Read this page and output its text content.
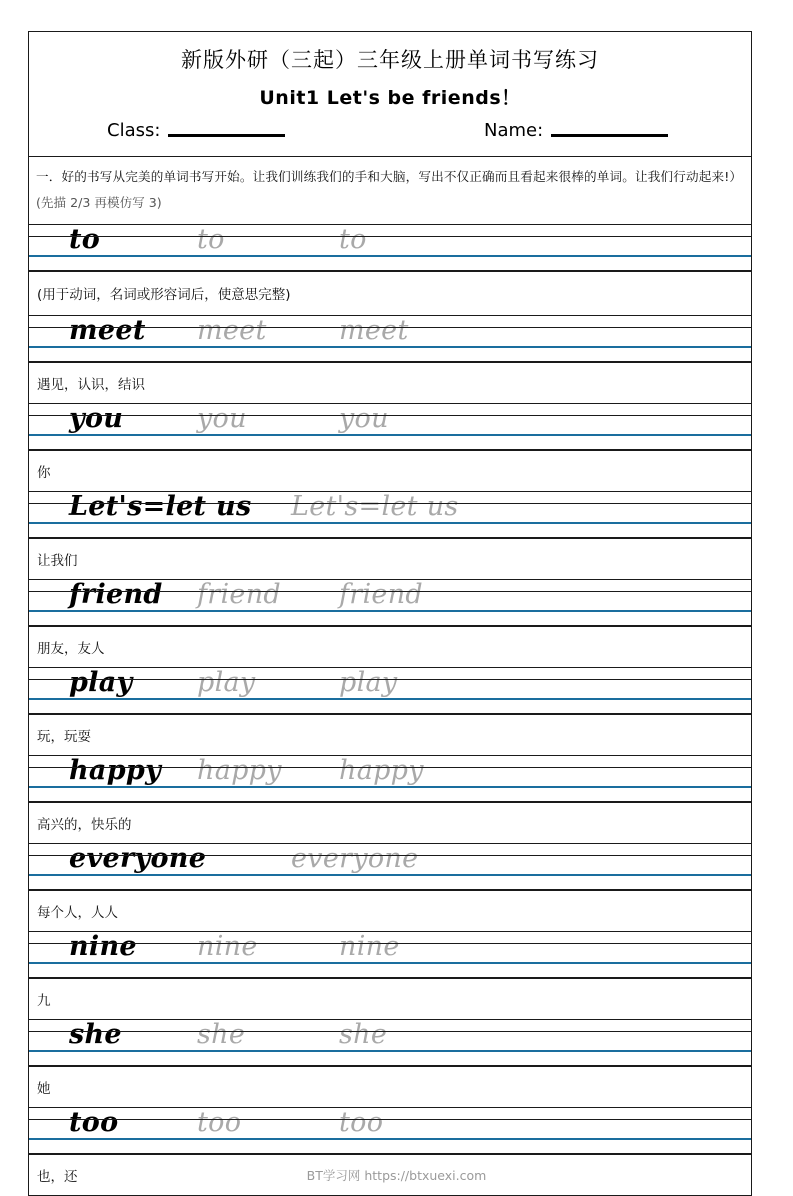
新版外研（三起）三年级上册单词书写练习
Unit1 Let's be friends！
Class:	Name:
一．好的书写从完美的单词书写开始。让我们训练我们的手和大脑，写出不仅正确而且看起来很棒的单词。让我们行动起来!）(先描 2/3 再模仿写 3)
to	to	to
(用于动词，名词或形容词后，使意思完整)
meet meet	meet
遇见，认识，结识
you	you	you
你
Let's=let us Let's=let us
让我们
friend friend friend
朋友，友人
play play	play
玩，玩耍
happy happy happy
高兴的，快乐的
everyone	everyone
每个人，人人
nine nine	nine
九
she	she	she
她
too	too	too
也，还	BT学习网 https://btxuexi.com
